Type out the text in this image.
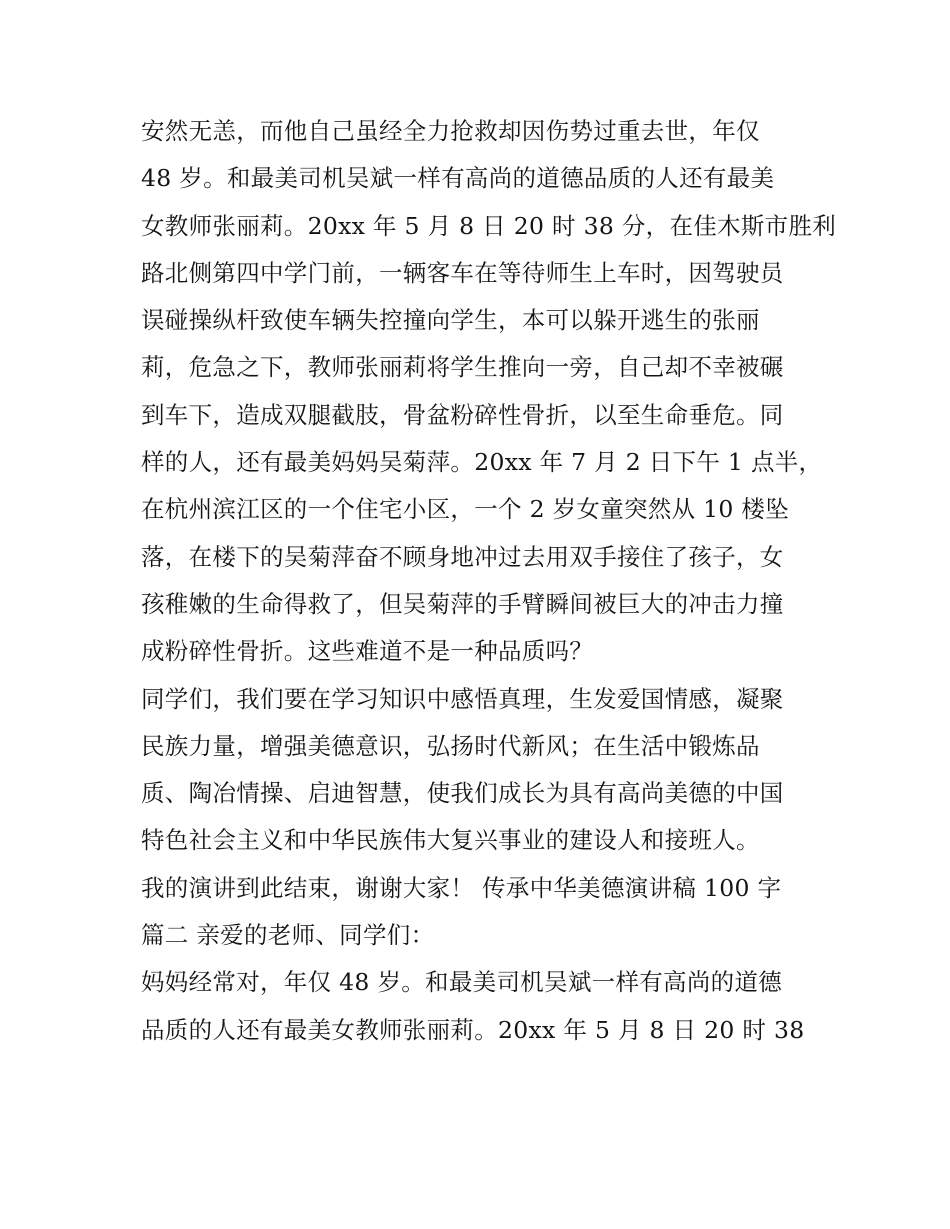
安然无恙，而他自己虽经全力抢救却因伤势过重去世，年仅
48 岁。和最美司机吴斌一样有高尚的道德品质的人还有最美
女教师张丽莉。20xx 年 5 月 8 日 20 时 38 分，在佳木斯市胜利
路北侧第四中学门前，一辆客车在等待师生上车时，因驾驶员
误碰操纵杆致使车辆失控撞向学生，本可以躲开逃生的张丽
莉，危急之下，教师张丽莉将学生推向一旁，自己却不幸被碾
到车下，造成双腿截肢，骨盆粉碎性骨折，以至生命垂危。同
样的人，还有最美妈妈吴菊萍。20xx 年 7 月 2 日下午 1 点半，
在杭州滨江区的一个住宅小区，一个 2 岁女童突然从 10 楼坠
落，在楼下的吴菊萍奋不顾身地冲过去用双手接住了孩子，女
孩稚嫩的生命得救了，但吴菊萍的手臂瞬间被巨大的冲击力撞
成粉碎性骨折。这些难道不是一种品质吗？
同学们，我们要在学习知识中感悟真理，生发爱国情感，凝聚
民族力量，增强美德意识，弘扬时代新风；在生活中锻炼品
质、陶冶情操、启迪智慧，使我们成长为具有高尚美德的中国
特色社会主义和中华民族伟大复兴事业的建设人和接班人。
我的演讲到此结束，谢谢大家！ 传承中华美德演讲稿 100 字
篇二 亲爱的老师、同学们：
妈妈经常对，年仅 48 岁。和最美司机吴斌一样有高尚的道德
品质的人还有最美女教师张丽莉。20xx 年 5 月 8 日 20 时 38
